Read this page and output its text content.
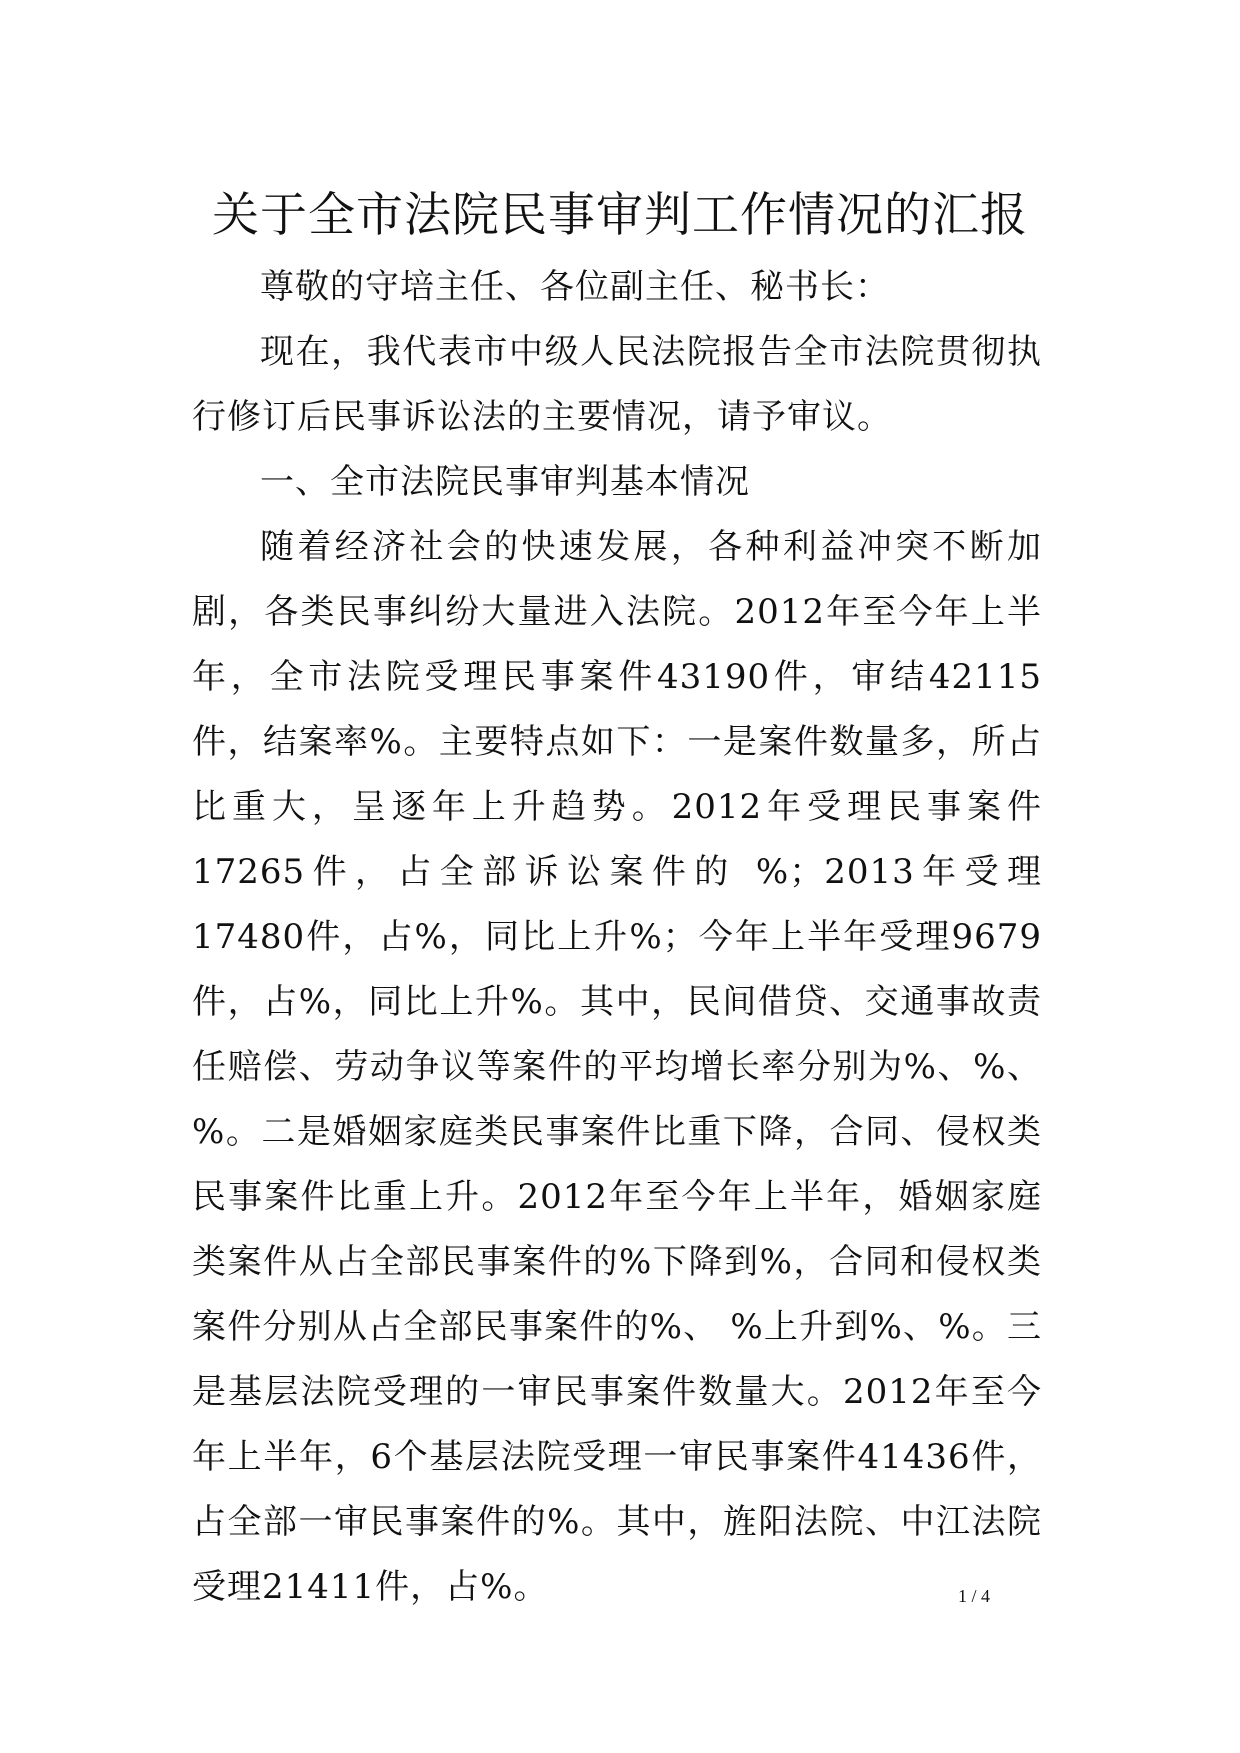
关于全市法院民事审判工作情况的汇报

尊敬的守培主任、各位副主任、秘书长：

现在，我代表市中级人民法院报告全市法院贯彻执行修订后民事诉讼法的主要情况，请予审议。

一、全市法院民事审判基本情况

随着经济社会的快速发展，各种利益冲突不断加剧，各类民事纠纷大量进入法院。2012年至今年上半年，全市法院受理民事案件43190件，审结42115 件，结案率%。主要特点如下：一是案件数量多，所占比重大，呈逐年上升趋势。2012年受理民事案件17265件，占全部诉讼案件的 %；2013年受理17480件，占%，同比上升%；今年上半年受理9679件，占%，同比上升%。其中，民间借贷、交通事故责任赔偿、劳动争议等案件的平均增长率分别为%、%、%。二是婚姻家庭类民事案件比重下降，合同、侵权类民事案件比重上升。2012年至今年上半年，婚姻家庭类案件从占全部民事案件的%下降到%，合同和侵权类案件分别从占全部民事案件的%、 %上升到%、%。三是基层法院受理的一审民事案件数量大。2012年至今年上半年，6个基层法院受理一审民事案件41436件，占全部一审民事案件的%。其中，旌阳法院、中江法院受理21411件，占%。	1 / 4
